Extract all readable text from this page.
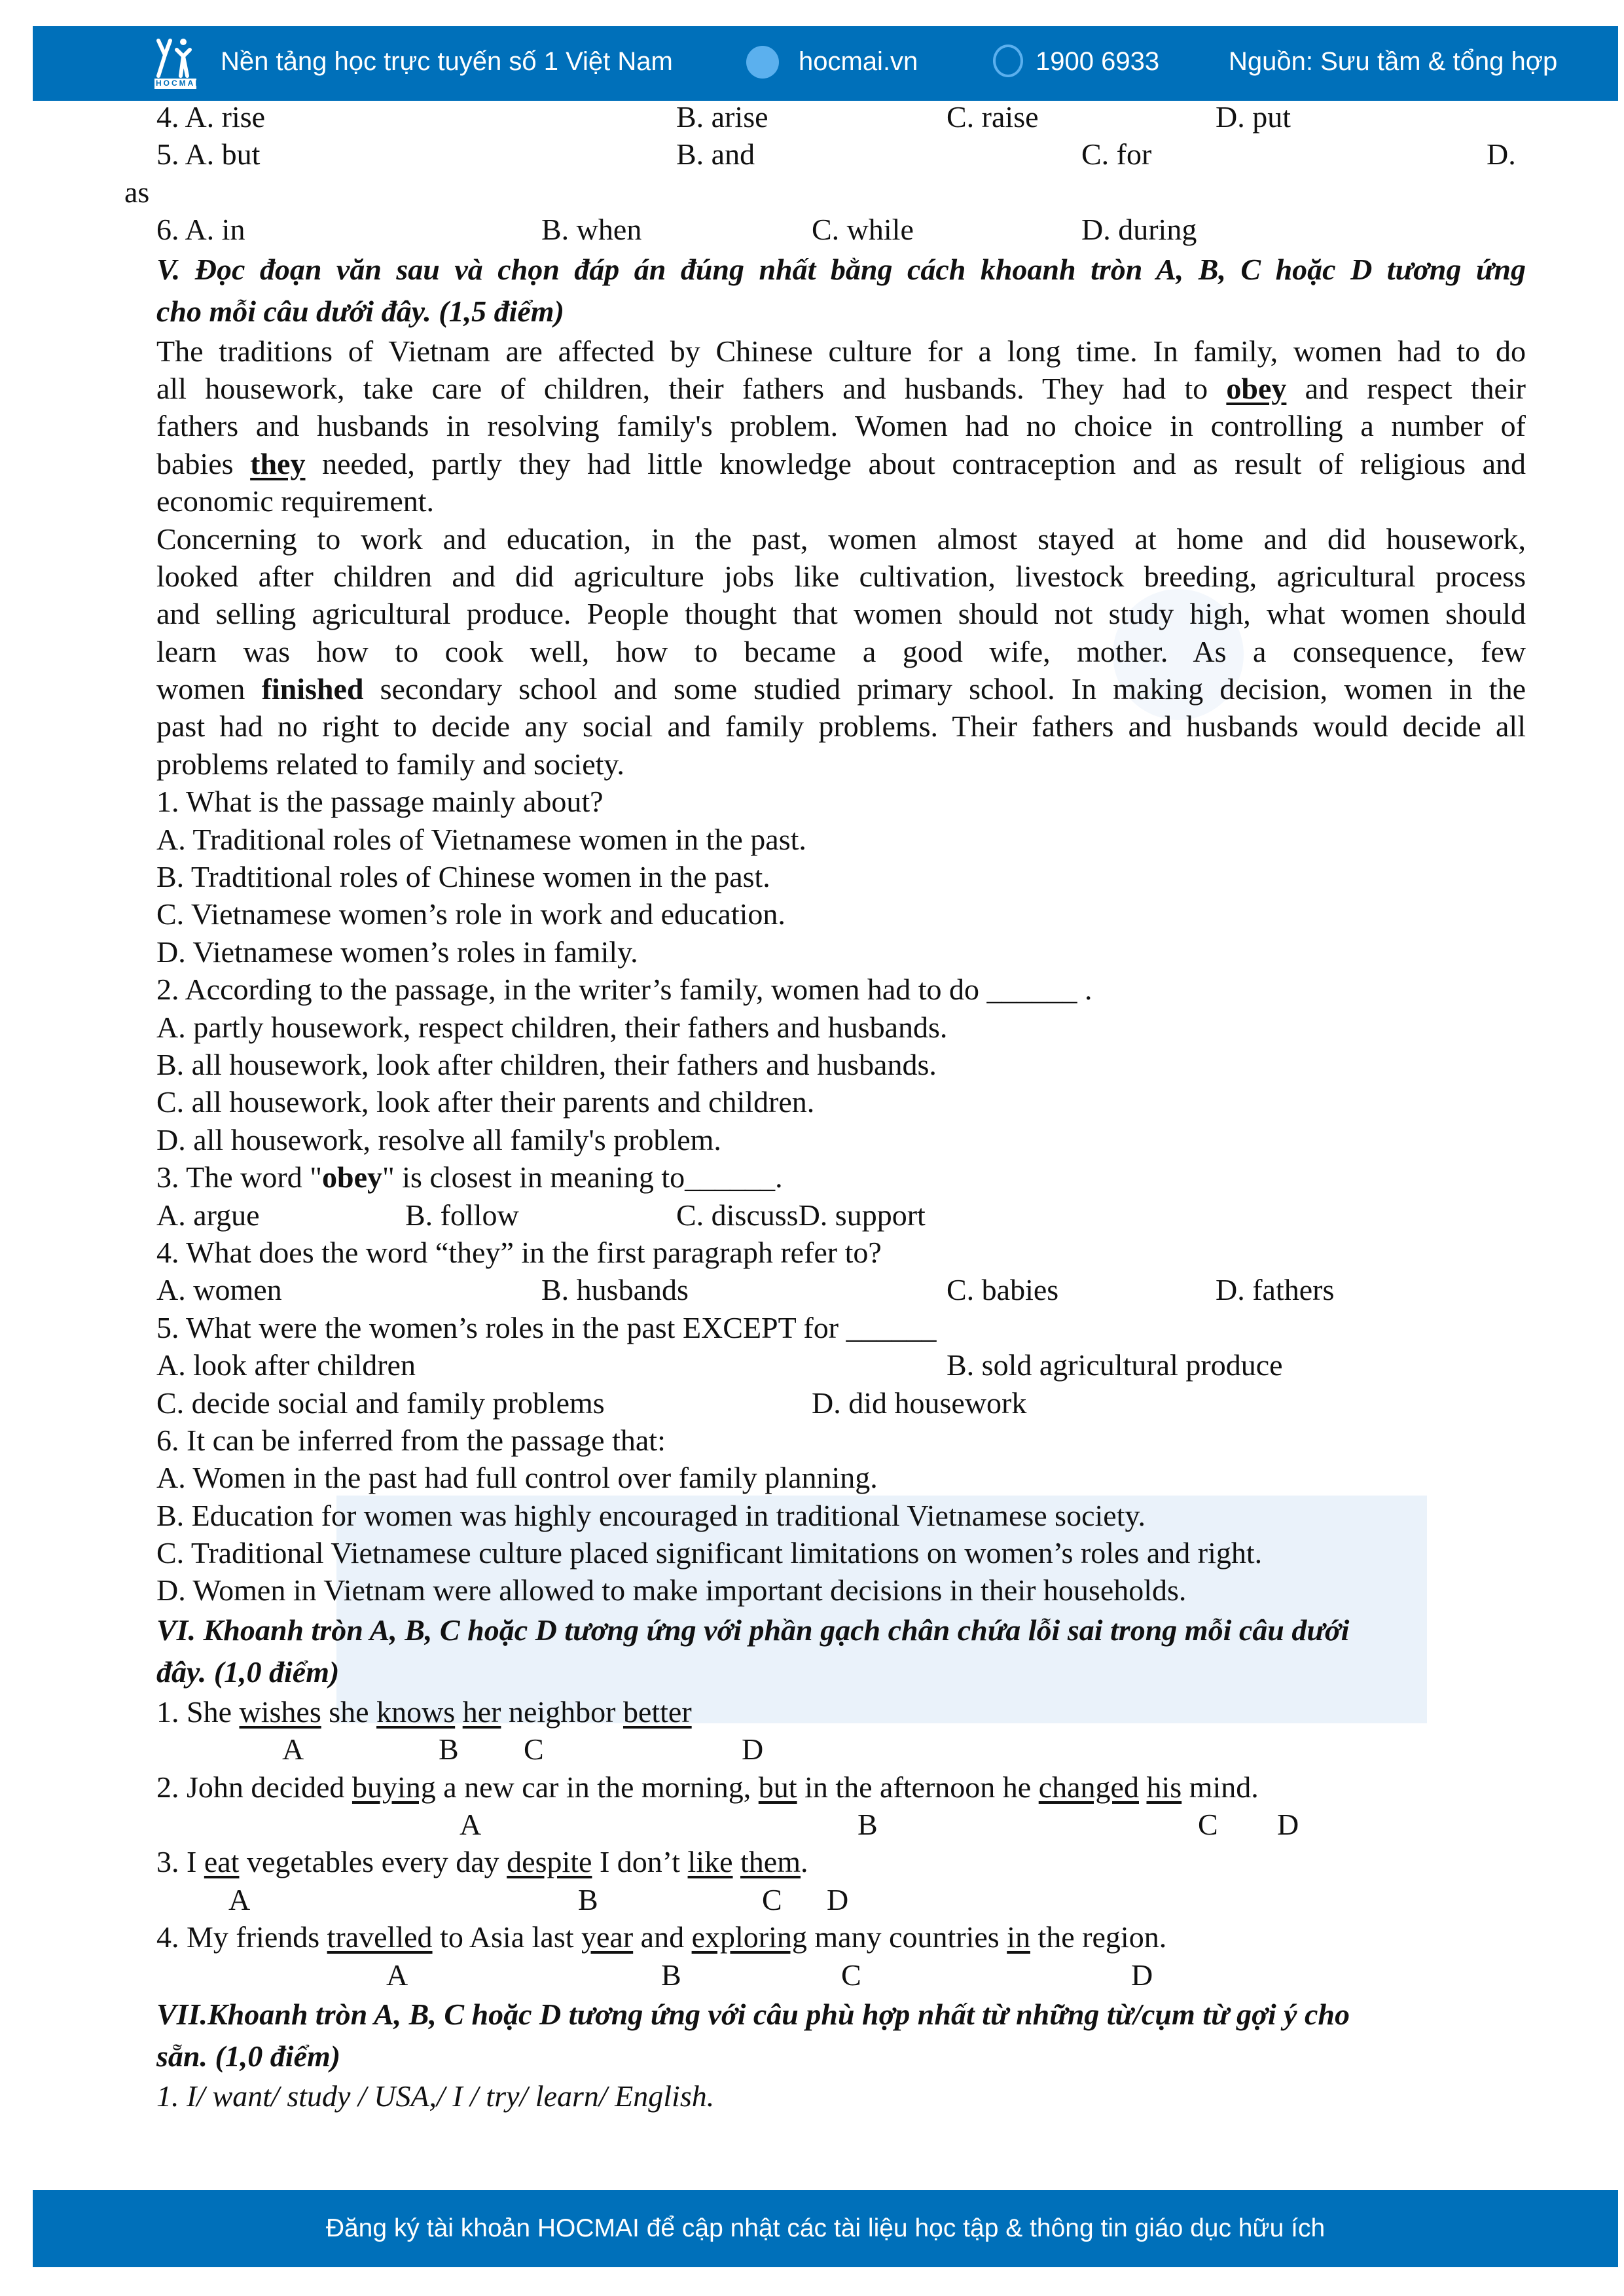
HOCMAI
Nền tảng học trực tuyến số 1 Việt Nam	hocmai.vn	1900 6933	Nguồn: Sưu tầm & tổng hợp
4. A. rise	B. arise	C. raise	D. put
5. A. but	B. and	C. for	D.
as
6. A. in	B. when	C. while	D. during
V. Đọc đoạn văn sau và chọn đáp án đúng nhất bằng cách khoanh tròn A, B, C hoặc D tương ứng
cho mỗi câu dưới đây. (1,5 điểm)
The traditions of Vietnam are affected by Chinese culture for a long time. In family, women had to do
all housework, take care of children, their fathers and husbands. They had to obey and respect their
fathers and husbands in resolving family's problem. Women had no choice in controlling a number of
babies they needed, partly they had little knowledge about contraception and as result of religious and
economic requirement.
Concerning to work and education, in the past, women almost stayed at home and did housework,
looked after children and did agriculture jobs like cultivation, livestock breeding, agricultural process
and selling agricultural produce. People thought that women should not study high, what women should
learn was how to cook well, how to became a good wife, mother. As a consequence, few
women finished secondary school and some studied primary school. In making decision, women in the
past had no right to decide any social and family problems. Their fathers and husbands would decide all
problems related to family and society.
1. What is the passage mainly about?
A. Traditional roles of Vietnamese women in the past.
B. Tradtitional roles of Chinese women in the past.
C. Vietnamese women’s role in work and education.
D. Vietnamese women’s roles in family.
2. According to the passage, in the writer’s family, women had to do ______ .
A. partly housework, respect children, their fathers and husbands.
B. all housework, look after children, their fathers and husbands.
C. all housework, look after their parents and children.
D. all housework, resolve all family's problem.
3. The word "obey" is closest in meaning to______.
A. argue	B. follow	C. discussD. support
4. What does the word “they” in the first paragraph refer to?
A. women	B. husbands	C. babies	D. fathers
5. What were the women’s roles in the past EXCEPT for ______
A. look after children	B. sold agricultural produce
C. decide social and family problems	D. did housework
6. It can be inferred from the passage that:
A. Women in the past had full control over family planning.
B. Education for women was highly encouraged in traditional Vietnamese society.
C. Traditional Vietnamese culture placed significant limitations on women’s roles and right.
D. Women in Vietnam were allowed to make important decisions in their households.
VI. Khoanh tròn A, B, C hoặc D tương ứng với phần gạch chân chứa lỗi sai trong mỗi câu dưới
đây. (1,0 điểm)
1. She wishes she knows her neighbor better
A	B C	D
2. John decided buying a new car in the morning, but in the afternoon he changed his mind.
A	B	C D
3. I eat vegetables every day despite I don’t like them.
A	B	C D
4. My friends travelled to Asia last year and exploring many countries in the region.
A	B	C	D
VII.Khoanh tròn A, B, C hoặc D tương ứng với câu phù hợp nhất từ những từ/cụm từ gợi ý cho
sẵn. (1,0 điểm)
1. I/ want/ study / USA,/ I / try/ learn/ English.
Đăng ký tài khoản HOCMAI để cập nhật các tài liệu học tập & thông tin giáo dục hữu ích
